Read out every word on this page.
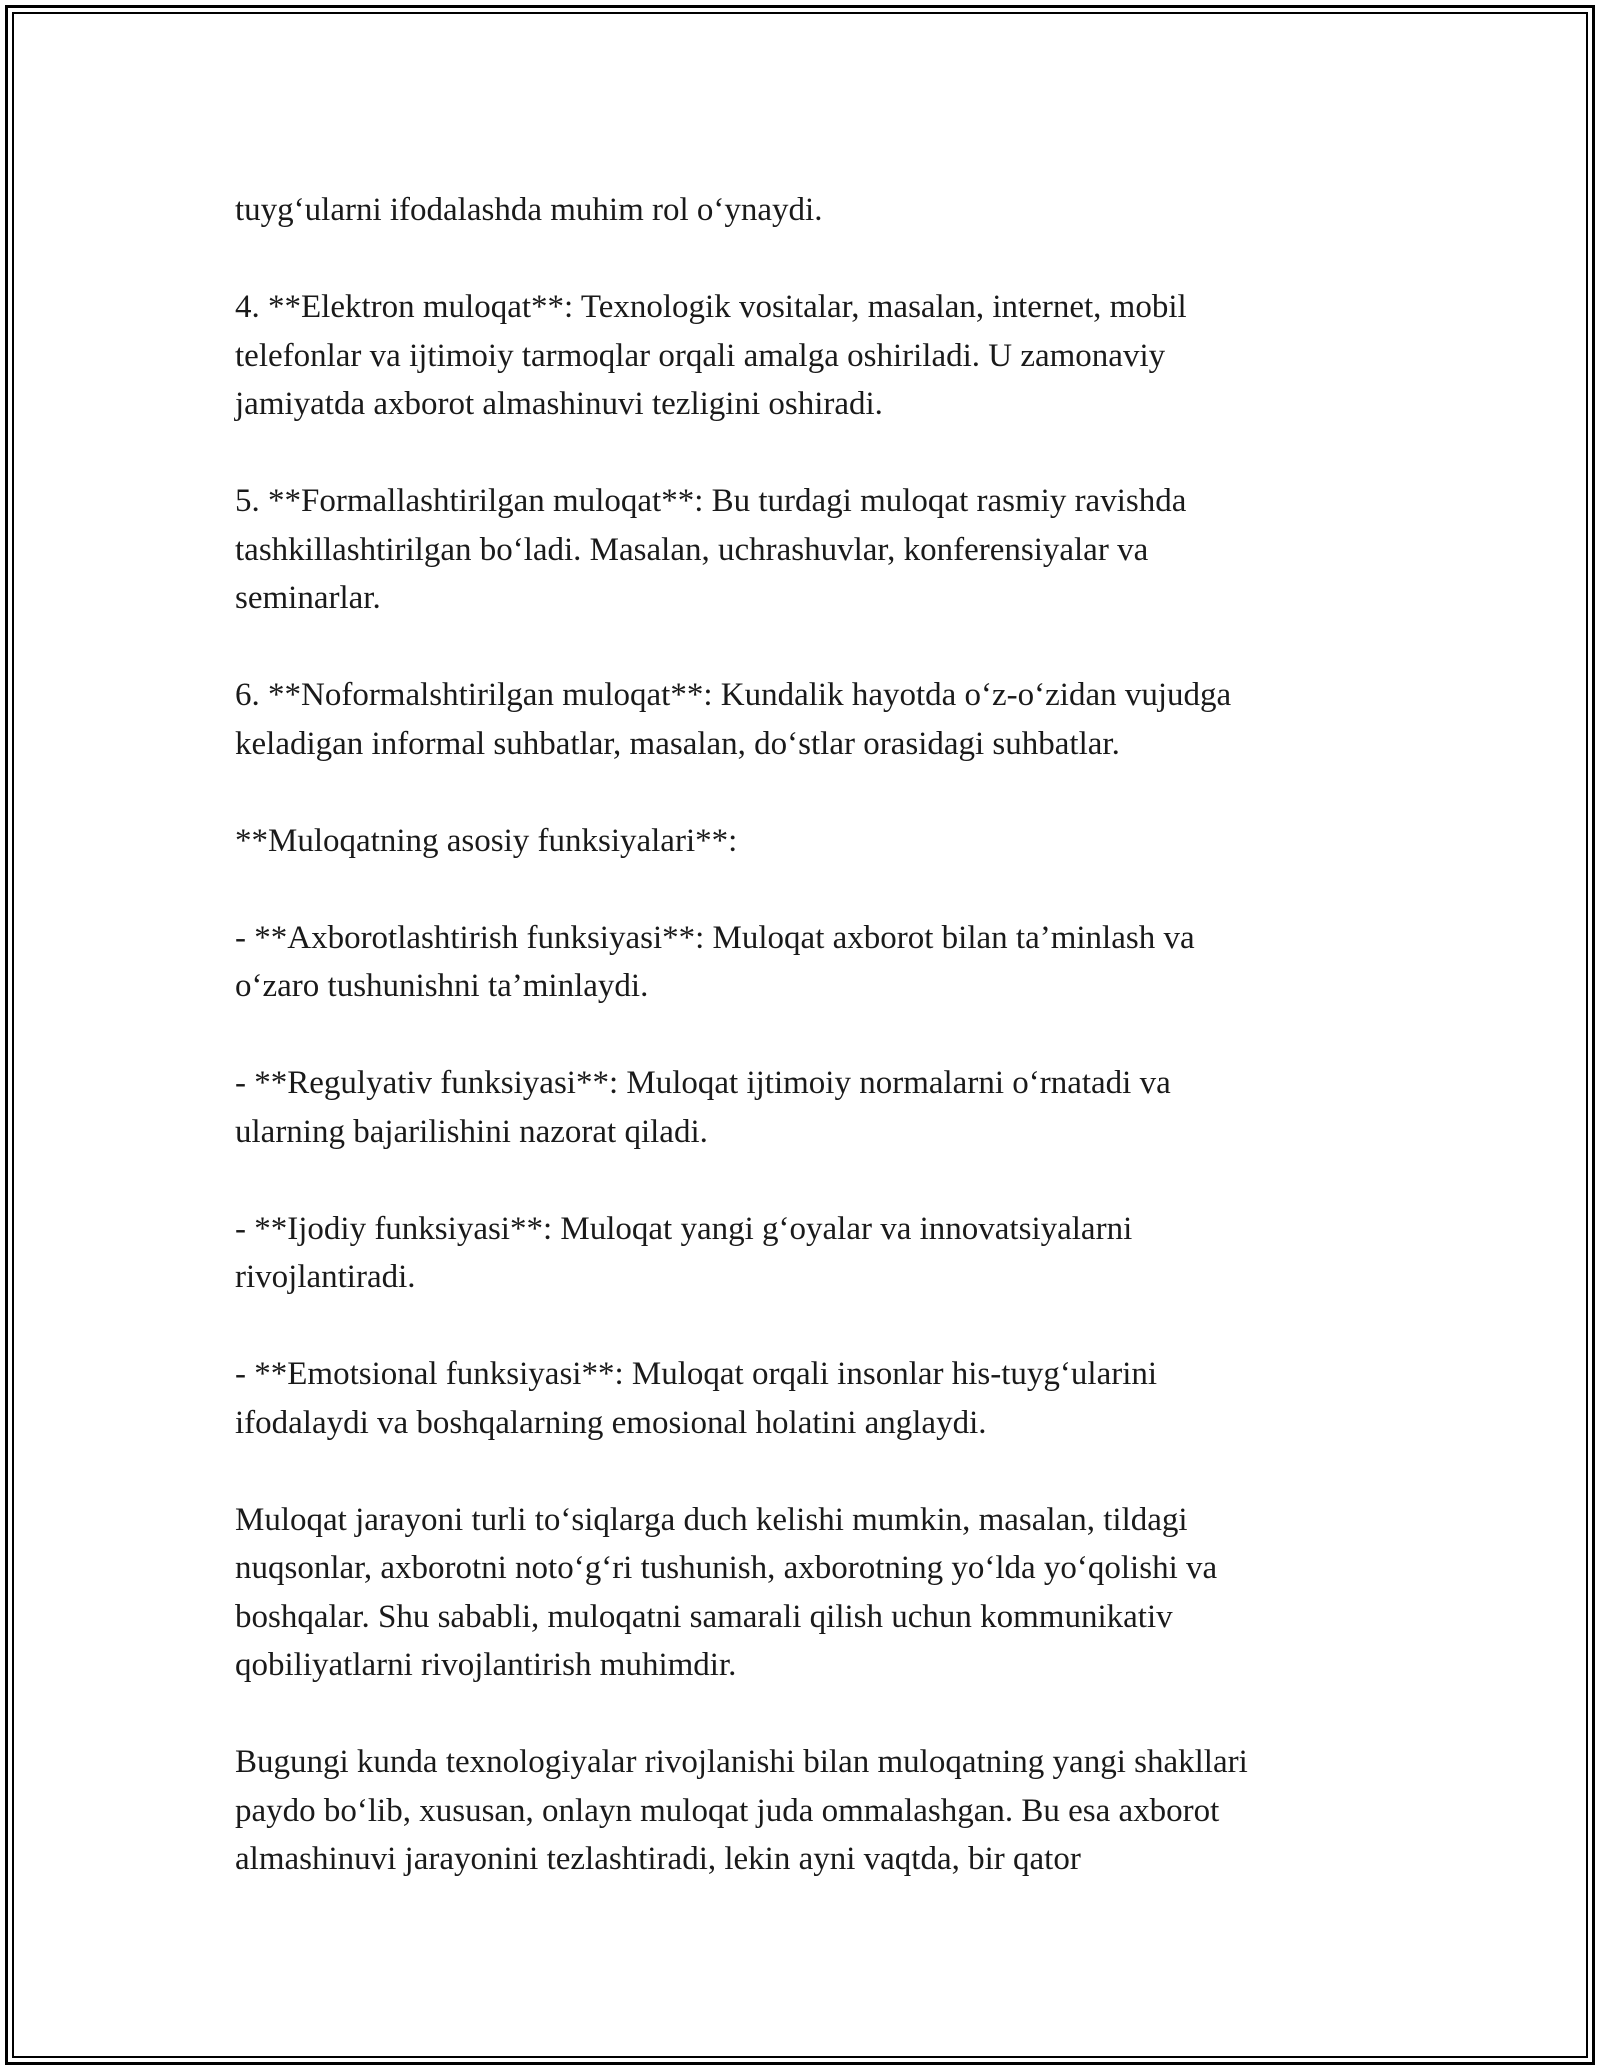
tuyg‘ularni ifodalashda muhim rol o‘ynaydi.

4. **Elektron muloqat**: Texnologik vositalar, masalan, internet, mobil
telefonlar va ijtimoiy tarmoqlar orqali amalga oshiriladi. U zamonaviy
jamiyatda axborot almashinuvi tezligini oshiradi.

5. **Formallashtirilgan muloqat**: Bu turdagi muloqat rasmiy ravishda
tashkillashtirilgan bo‘ladi. Masalan, uchrashuvlar, konferensiyalar va
seminarlar.

6. **Noformalshtirilgan muloqat**: Kundalik hayotda o‘z-o‘zidan vujudga
keladigan informal suhbatlar, masalan, do‘stlar orasidagi suhbatlar.

**Muloqatning asosiy funksiyalari**:

- **Axborotlashtirish funksiyasi**: Muloqat axborot bilan ta’minlash va
o‘zaro tushunishni ta’minlaydi.

- **Regulyativ funksiyasi**: Muloqat ijtimoiy normalarni o‘rnatadi va
ularning bajarilishini nazorat qiladi.

- **Ijodiy funksiyasi**: Muloqat yangi g‘oyalar va innovatsiyalarni
rivojlantiradi.

- **Emotsional funksiyasi**: Muloqat orqali insonlar his-tuyg‘ularini
ifodalaydi va boshqalarning emosional holatini anglaydi.

Muloqat jarayoni turli to‘siqlarga duch kelishi mumkin, masalan, tildagi
nuqsonlar, axborotni noto‘g‘ri tushunish, axborotning yo‘lda yo‘qolishi va
boshqalar. Shu sababli, muloqatni samarali qilish uchun kommunikativ
qobiliyatlarni rivojlantirish muhimdir.

Bugungi kunda texnologiyalar rivojlanishi bilan muloqatning yangi shakllari
paydo bo‘lib, xususan, onlayn muloqat juda ommalashgan. Bu esa axborot
almashinuvi jarayonini tezlashtiradi, lekin ayni vaqtda, bir qator
